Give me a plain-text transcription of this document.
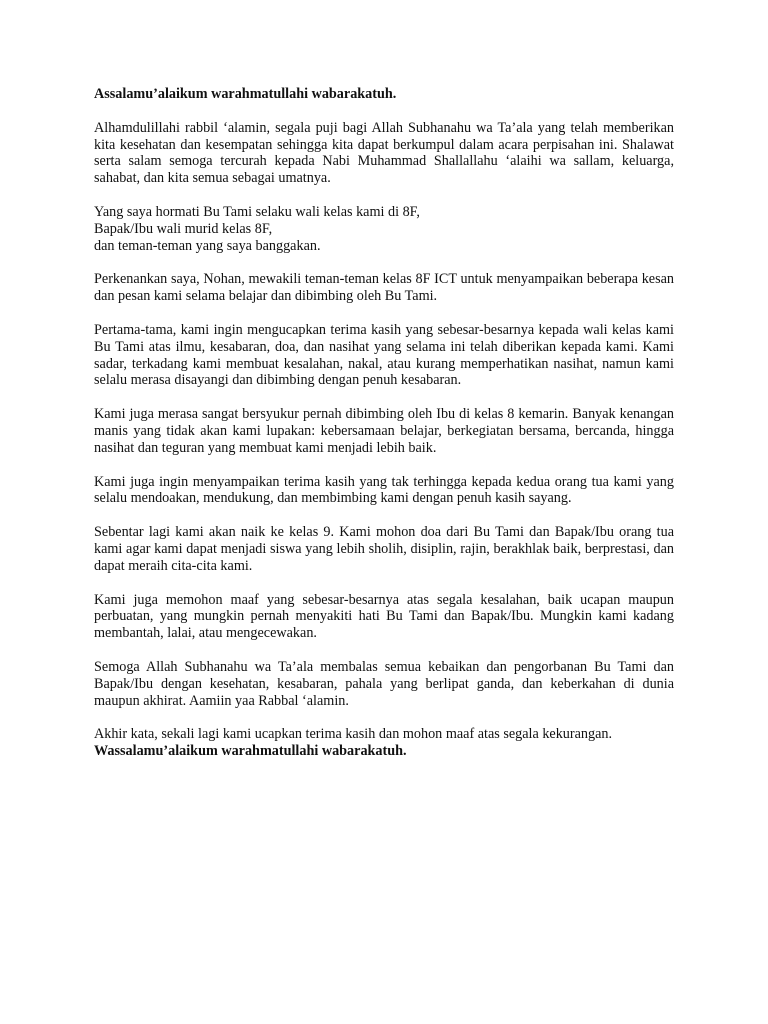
Assalamu’alaikum warahmatullahi wabarakatuh.

Alhamdulillahi rabbil ‘alamin, segala puji bagi Allah Subhanahu wa Ta’ala yang telah memberikan kita kesehatan dan kesempatan sehingga kita dapat berkumpul dalam acara perpisahan ini. Shalawat serta salam semoga tercurah kepada Nabi Muhammad Shallallahu ‘alaihi wa sallam, keluarga, sahabat, dan kita semua sebagai umatnya.

Yang saya hormati Bu Tami selaku wali kelas kami di 8F,
Bapak/Ibu wali murid kelas 8F,
dan teman-teman yang saya banggakan.

Perkenankan saya, Nohan, mewakili teman-teman kelas 8F ICT untuk menyampaikan beberapa kesan dan pesan kami selama belajar dan dibimbing oleh Bu Tami.

Pertama-tama, kami ingin mengucapkan terima kasih yang sebesar-besarnya kepada wali kelas kami Bu Tami atas ilmu, kesabaran, doa, dan nasihat yang selama ini telah diberikan kepada kami. Kami sadar, terkadang kami membuat kesalahan, nakal, atau kurang memperhatikan nasihat, namun kami selalu merasa disayangi dan dibimbing dengan penuh kesabaran.

Kami juga merasa sangat bersyukur pernah dibimbing oleh Ibu di kelas 8 kemarin. Banyak kenangan manis yang tidak akan kami lupakan: kebersamaan belajar, berkegiatan bersama, bercanda, hingga nasihat dan teguran yang membuat kami menjadi lebih baik.

Kami juga ingin menyampaikan terima kasih yang tak terhingga kepada kedua orang tua kami yang selalu mendoakan, mendukung, dan membimbing kami dengan penuh kasih sayang.

Sebentar lagi kami akan naik ke kelas 9. Kami mohon doa dari Bu Tami dan Bapak/Ibu orang tua kami agar kami dapat menjadi siswa yang lebih sholih, disiplin, rajin, berakhlak baik, berprestasi, dan dapat meraih cita-cita kami.

Kami juga memohon maaf yang sebesar-besarnya atas segala kesalahan, baik ucapan maupun perbuatan, yang mungkin pernah menyakiti hati Bu Tami dan Bapak/Ibu. Mungkin kami kadang membantah, lalai, atau mengecewakan.

Semoga Allah Subhanahu wa Ta’ala membalas semua kebaikan dan pengorbanan Bu Tami dan Bapak/Ibu dengan kesehatan, kesabaran, pahala yang berlipat ganda, dan keberkahan di dunia maupun akhirat. Aamiin yaa Rabbal ‘alamin.

Akhir kata, sekali lagi kami ucapkan terima kasih dan mohon maaf atas segala kekurangan.

Wassalamu’alaikum warahmatullahi wabarakatuh.
